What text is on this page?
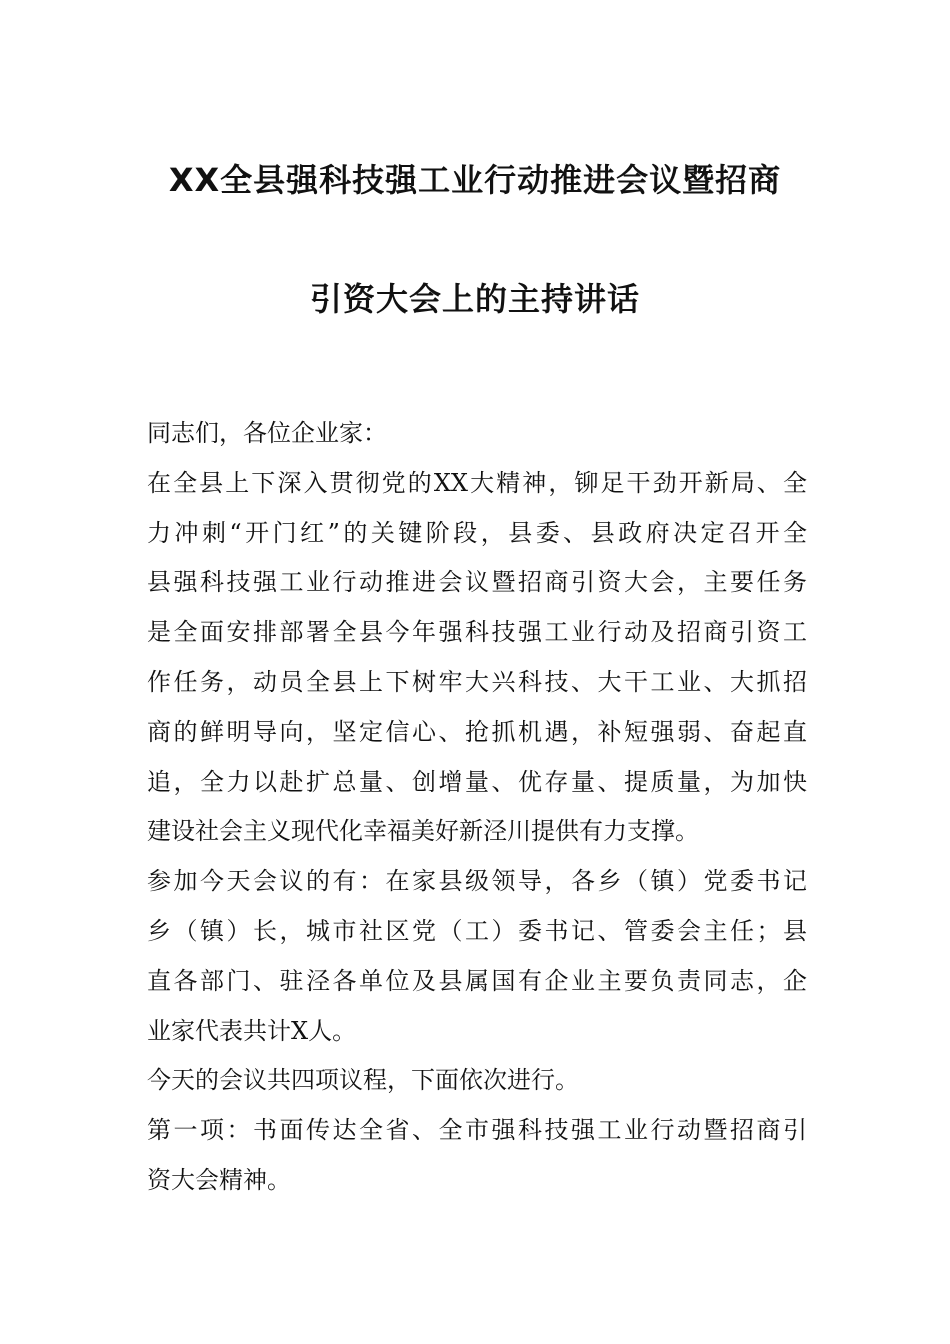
XX全县强科技强工业行动推进会议暨招商
引资大会上的主持讲话
同志们，各位企业家：
在全县上下深入贯彻党的XX大精神，铆足干劲开新局、全
力冲刺“开门红”的关键阶段，县委、县政府决定召开全
县强科技强工业行动推进会议暨招商引资大会，主要任务
是全面安排部署全县今年强科技强工业行动及招商引资工
作任务，动员全县上下树牢大兴科技、大干工业、大抓招
商的鲜明导向，坚定信心、抢抓机遇，补短强弱、奋起直
追，全力以赴扩总量、创增量、优存量、提质量，为加快
建设社会主义现代化幸福美好新泾川提供有力支撑。
参加今天会议的有：在家县级领导，各乡（镇）党委书记
乡（镇）长，城市社区党（工）委书记、管委会主任；县
直各部门、驻泾各单位及县属国有企业主要负责同志，企
业家代表共计X人。
今天的会议共四项议程，下面依次进行。
第一项：书面传达全省、全市强科技强工业行动暨招商引
资大会精神。
